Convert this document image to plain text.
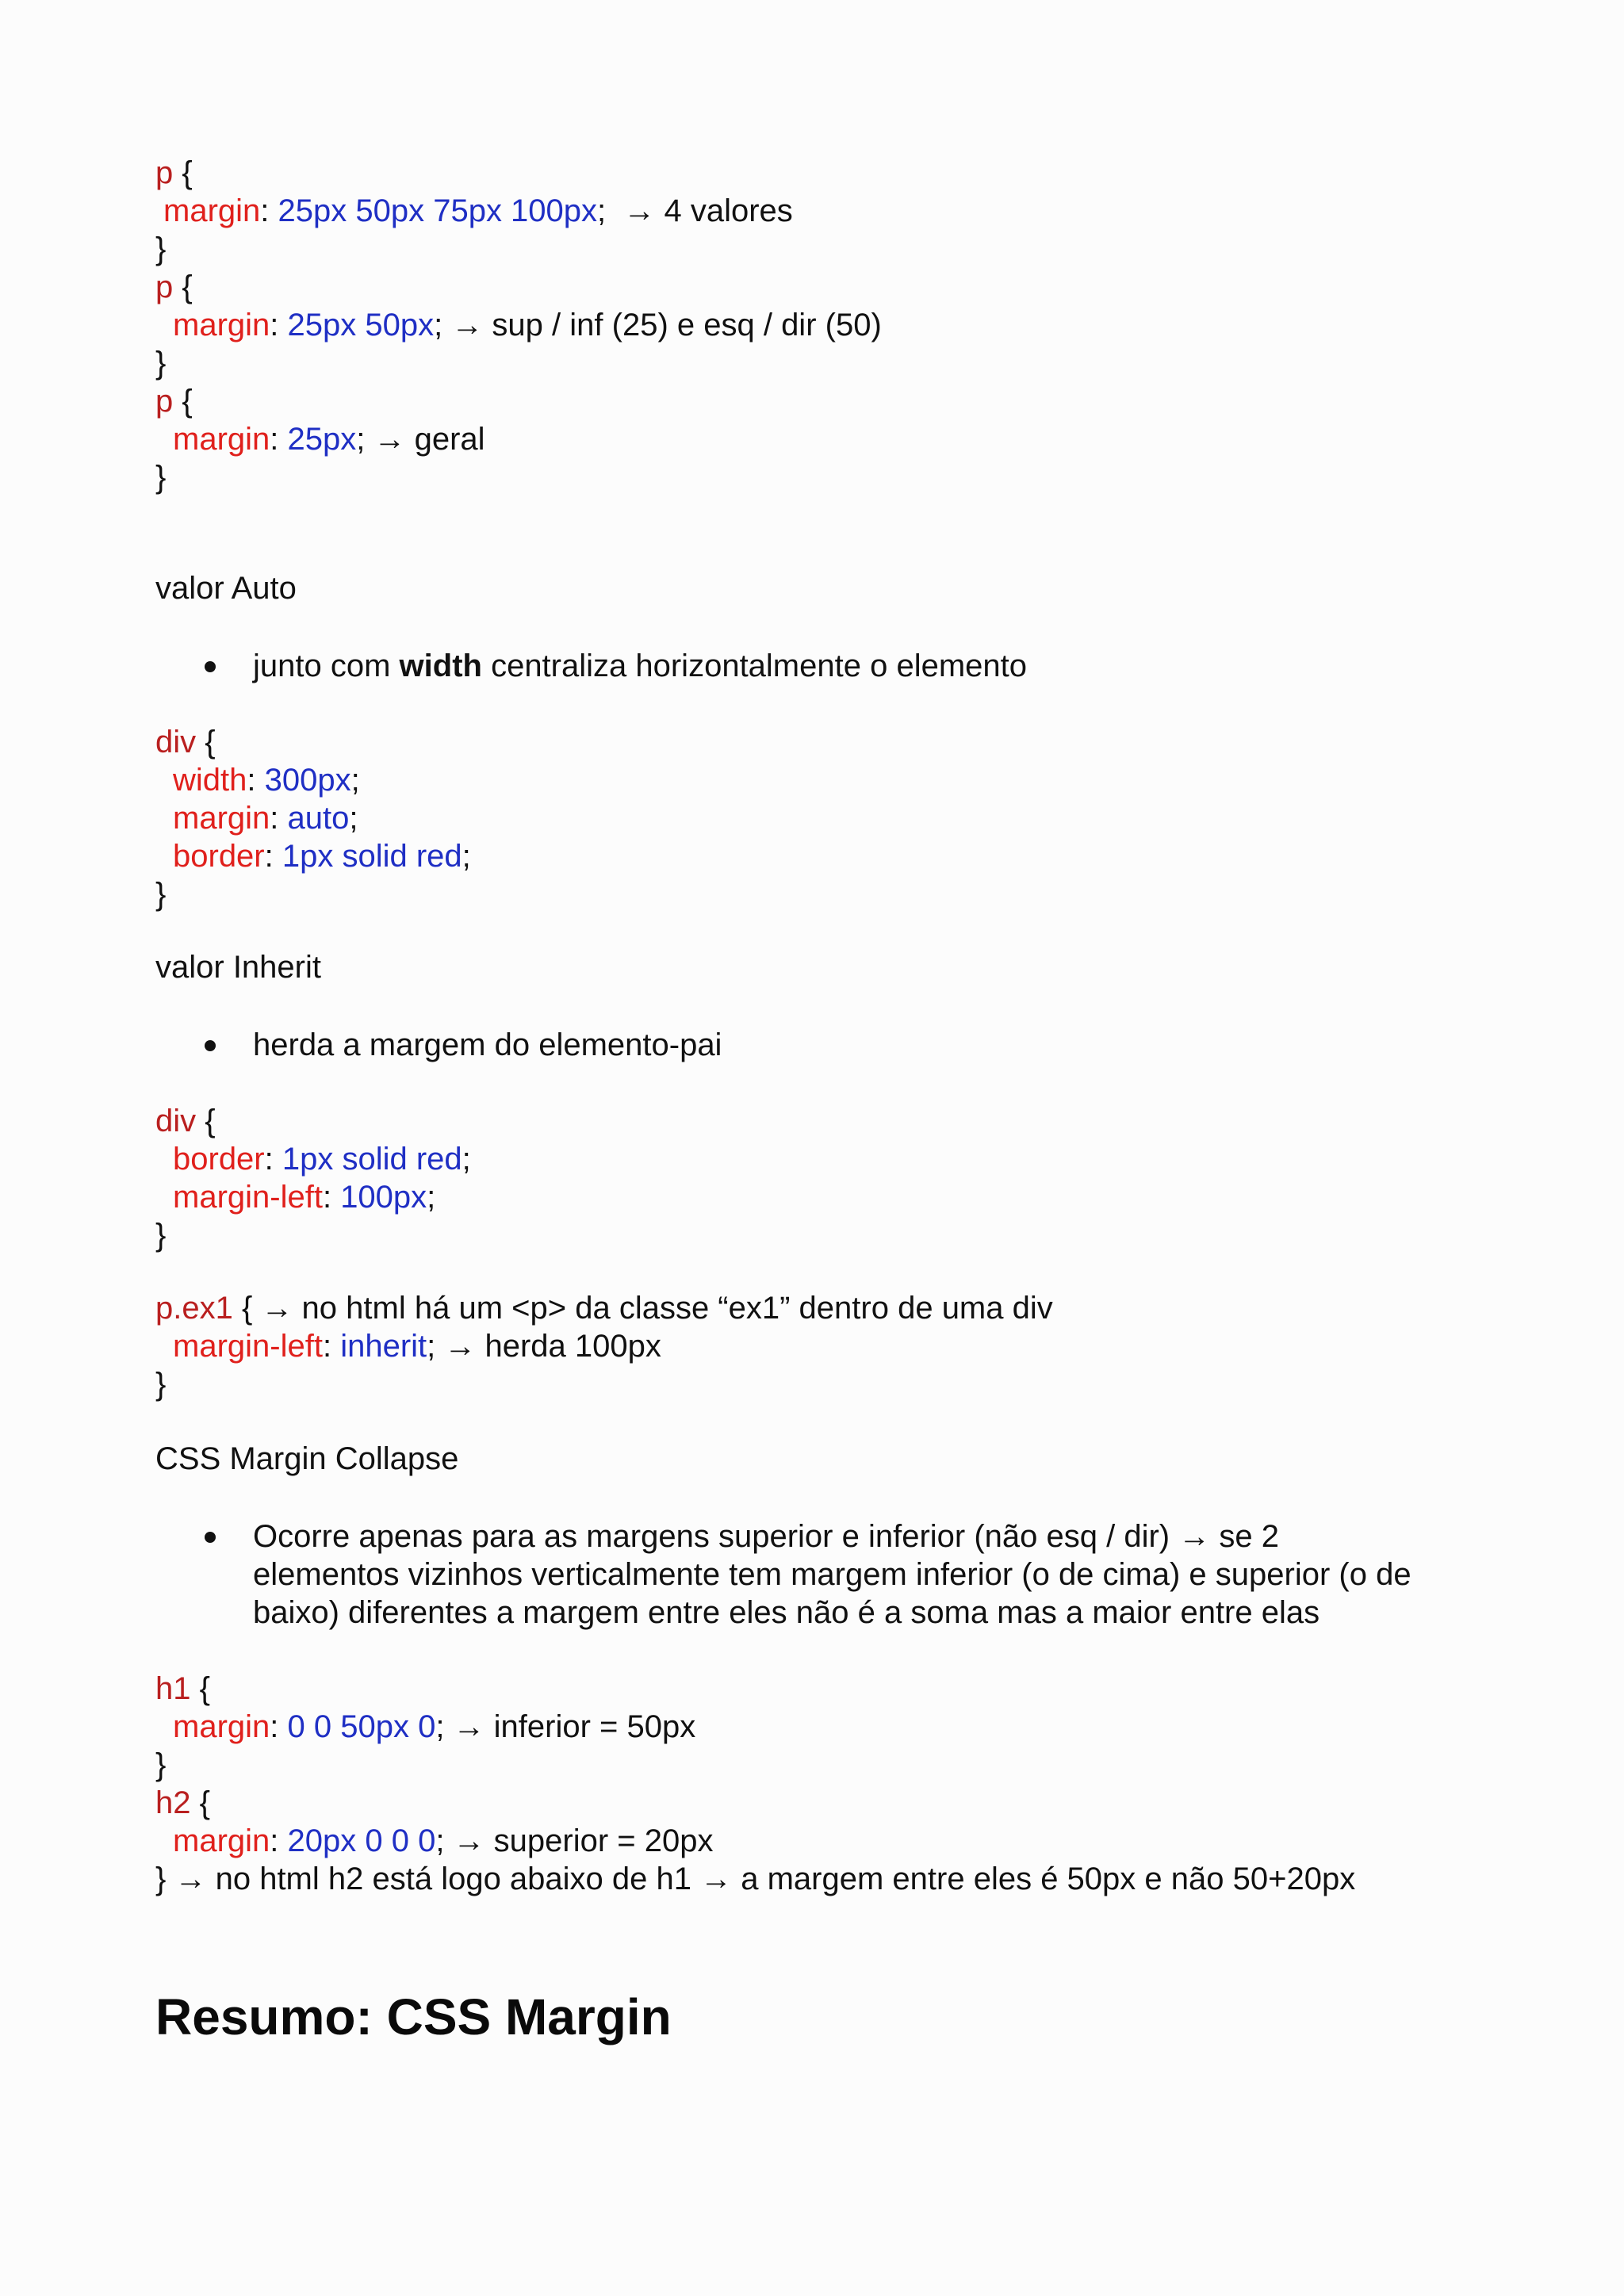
p {
margin: 25px 50px 75px 100px;  → 4 valores
}
p {
margin: 25px 50px; → sup / inf (25) e esq / dir (50)
}
p {
margin: 25px; → geral
}
valor Auto
junto com width centraliza horizontalmente o elemento
div {
width: 300px;
margin: auto;
border: 1px solid red;
}
valor Inherit
herda a margem do elemento-pai
div {
border: 1px solid red;
margin-left: 100px;
}
p.ex1 { → no html há um <p> da classe “ex1” dentro de uma div
margin-left: inherit; → herda 100px
}
CSS Margin Collapse
Ocorre apenas para as margens superior e inferior (não esq / dir) → se 2
elementos vizinhos verticalmente tem margem inferior (o de cima) e superior (o de
baixo) diferentes a margem entre eles não é a soma mas a maior entre elas
h1 {
margin: 0 0 50px 0; → inferior = 50px
}
h2 {
margin: 20px 0 0 0; → superior = 20px
} → no html h2 está logo abaixo de h1 → a margem entre eles é 50px e não 50+20px
Resumo: CSS Margin
